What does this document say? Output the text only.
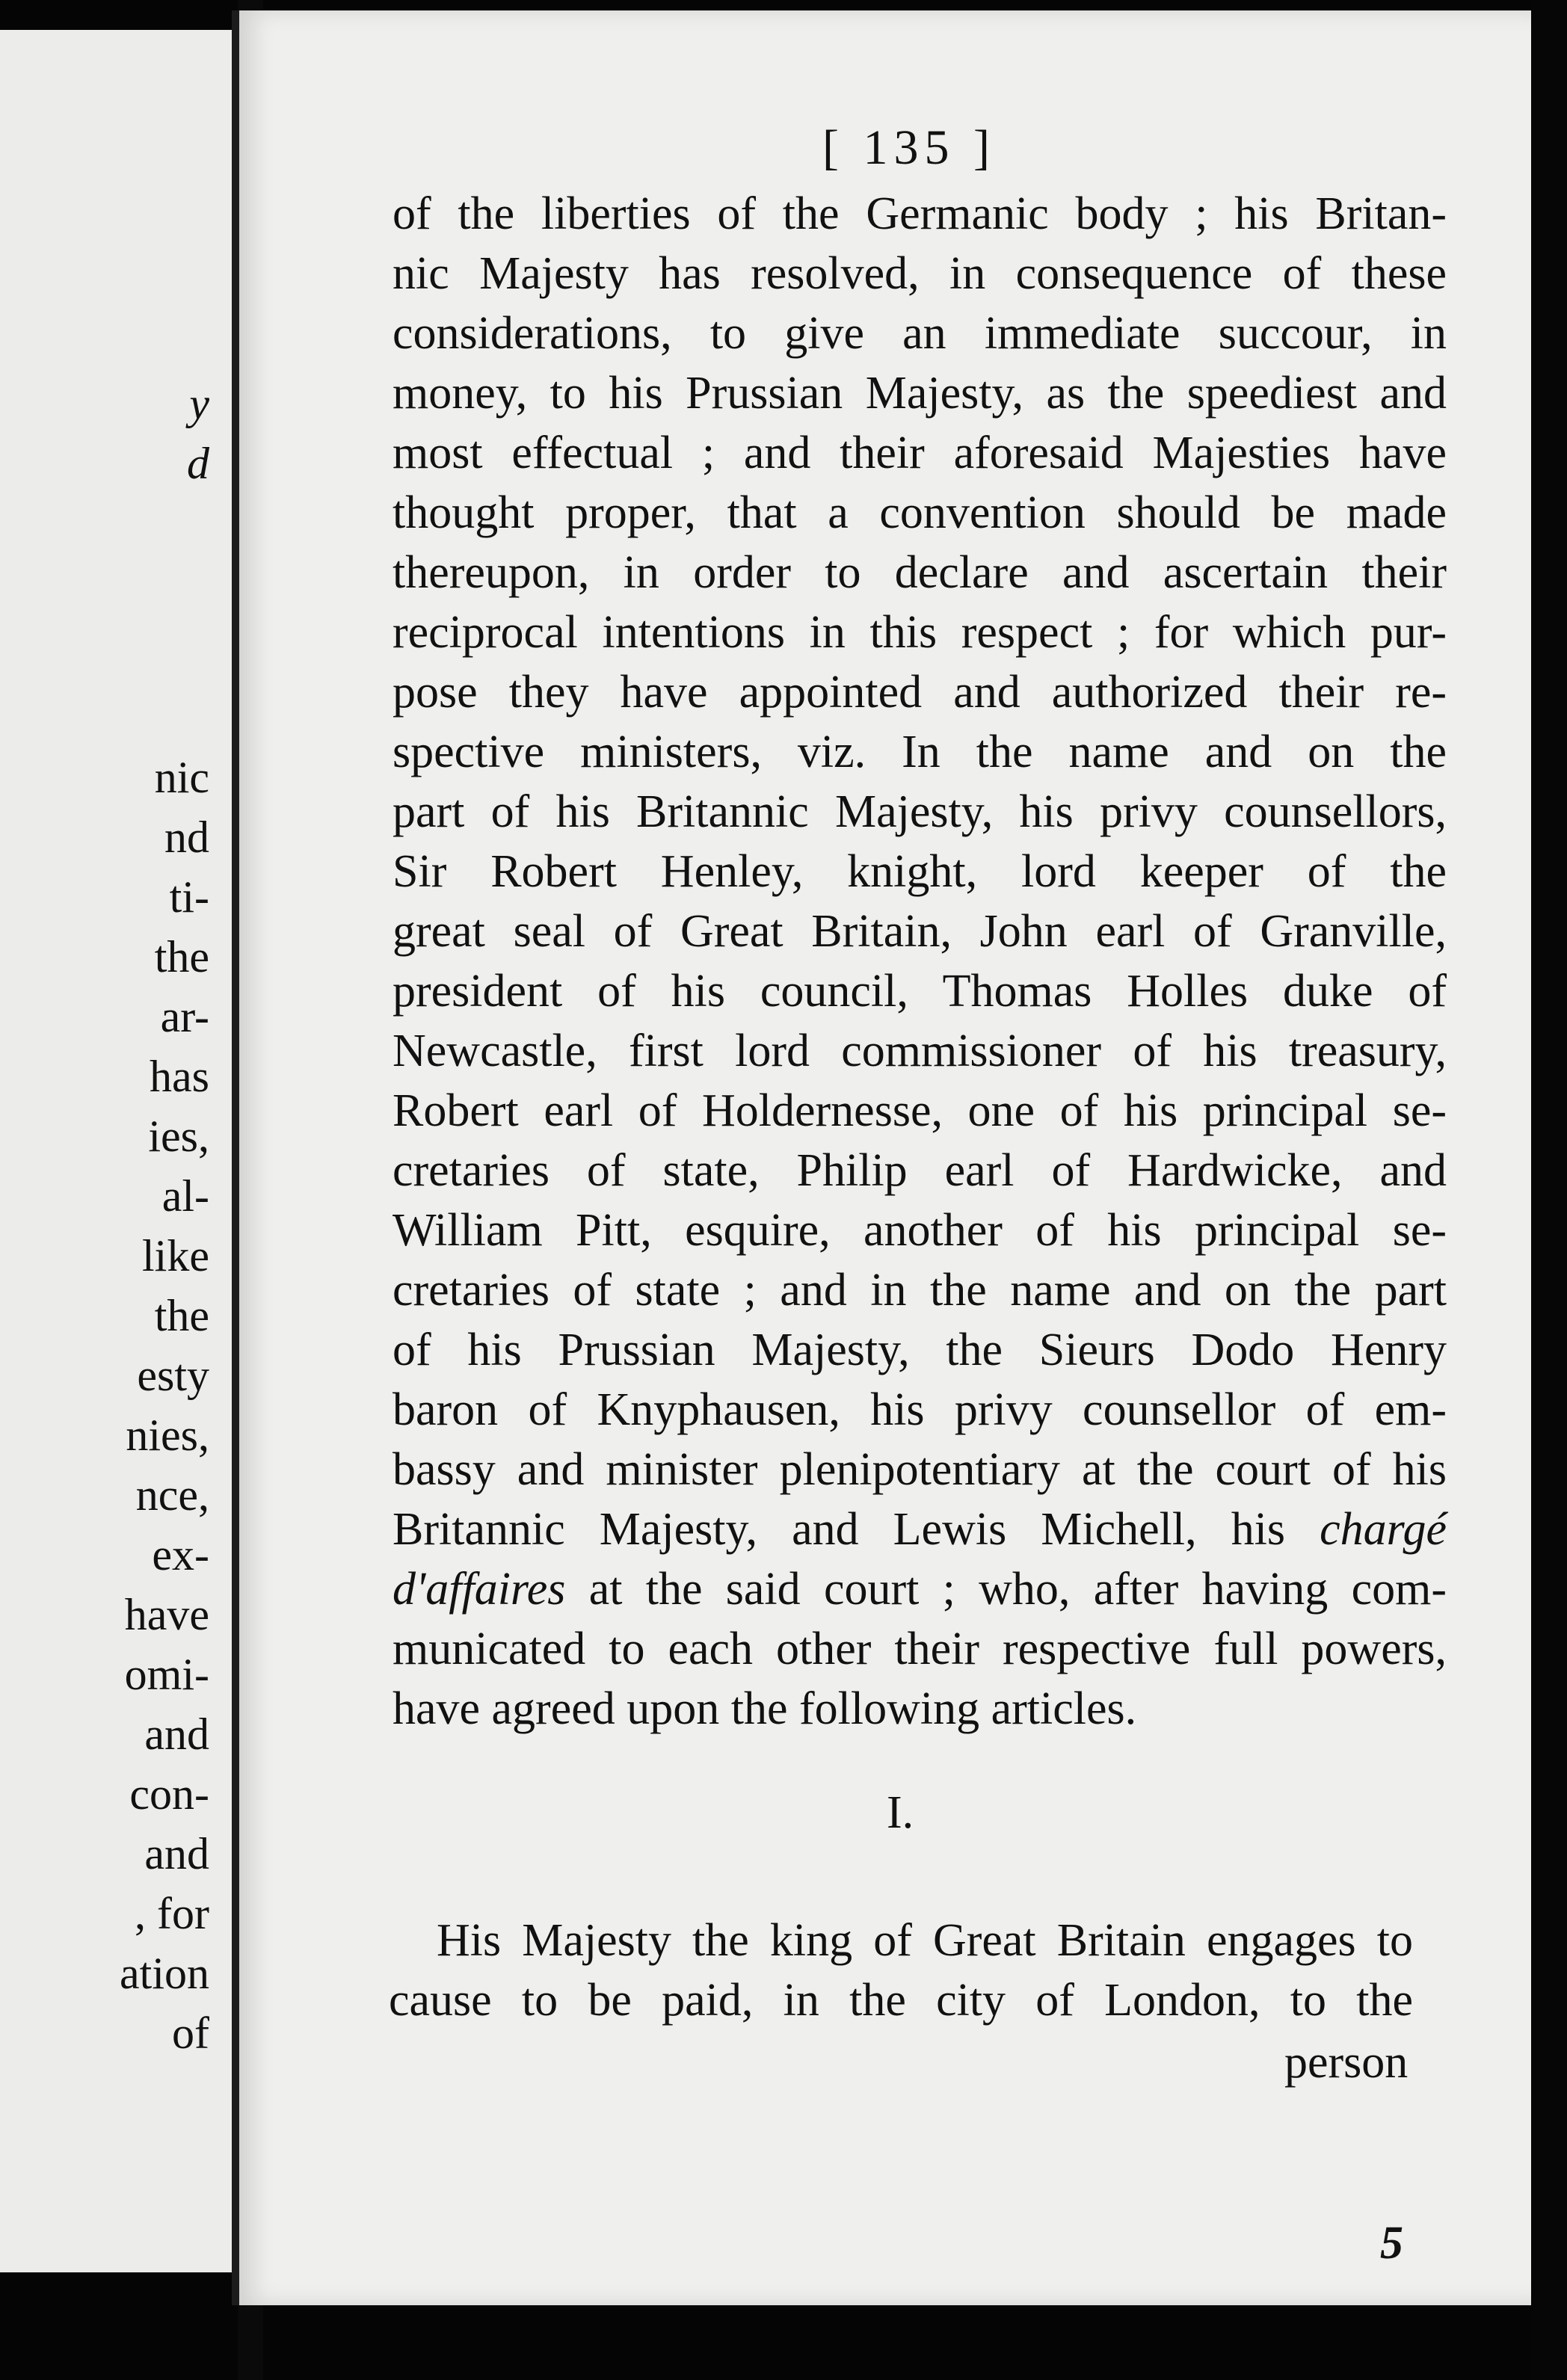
y
d
nic
nd
ti-
the
ar-
has
ies,
al-
like
the
esty
nies,
nce,
ex-
have
omi-
and
con-
and
, for
ation
of
[ 135 ]
of the liberties of the Germanic body ; his Britan-
nic Majesty has resolved, in consequence of these
considerations, to give an immediate succour, in
money, to his Prussian Majesty, as the speediest and
most effectual ; and their aforesaid Majesties have
thought proper, that a convention should be made
thereupon, in order to declare and ascertain their
reciprocal intentions in this respect ; for which pur-
pose they have appointed and authorized their re-
spective ministers, viz. In the name and on the
part of his Britannic Majesty, his privy counsellors,
Sir Robert Henley, knight, lord keeper of the
great seal of Great Britain, John earl of Granville,
president of his council, Thomas Holles duke of
Newcastle, first lord commissioner of his treasury,
Robert earl of Holdernesse, one of his principal se-
cretaries of state, Philip earl of Hardwicke, and
William Pitt, esquire, another of his principal se-
cretaries of state ; and in the name and on the part
of his Prussian Majesty, the Sieurs Dodo Henry
baron of Knyphausen, his privy counsellor of em-
bassy and minister plenipotentiary at the court of his
Britannic Majesty, and Lewis Michell, his chargé
d'affaires at the said court ; who, after having com-
municated to each other their respective full powers,
have agreed upon the following articles.
I.
His Majesty the king of Great Britain engages to
cause to be paid, in the city of London, to the
person
5
